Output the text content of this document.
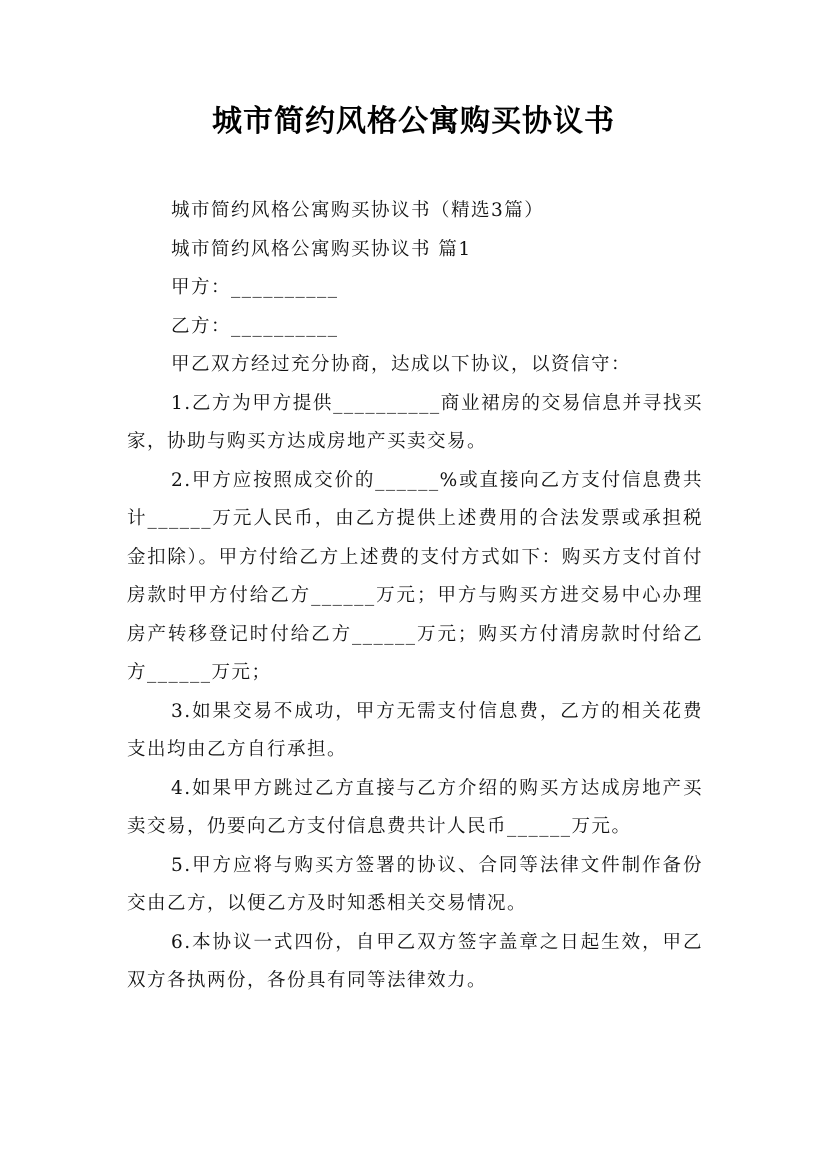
城市简约风格公寓购买协议书

城市简约风格公寓购买协议书（精选3篇）

城市简约风格公寓购买协议书 篇1

甲方：__________

乙方：__________

甲乙双方经过充分协商，达成以下协议，以资信守：

1.乙方为甲方提供__________商业裙房的交易信息并寻找买家，协助与购买方达成房地产买卖交易。

2.甲方应按照成交价的______%或直接向乙方支付信息费共计______万元人民币，由乙方提供上述费用的合法发票或承担税金扣除）。甲方付给乙方上述费的支付方式如下：购买方支付首付房款时甲方付给乙方______万元；甲方与购买方进交易中心办理房产转移登记时付给乙方______万元；购买方付清房款时付给乙方______万元；

3.如果交易不成功，甲方无需支付信息费，乙方的相关花费支出均由乙方自行承担。

4.如果甲方跳过乙方直接与乙方介绍的购买方达成房地产买卖交易，仍要向乙方支付信息费共计人民币______万元。

5.甲方应将与购买方签署的协议、合同等法律文件制作备份交由乙方，以便乙方及时知悉相关交易情况。

6.本协议一式四份，自甲乙双方签字盖章之日起生效，甲乙双方各执两份，各份具有同等法律效力。
